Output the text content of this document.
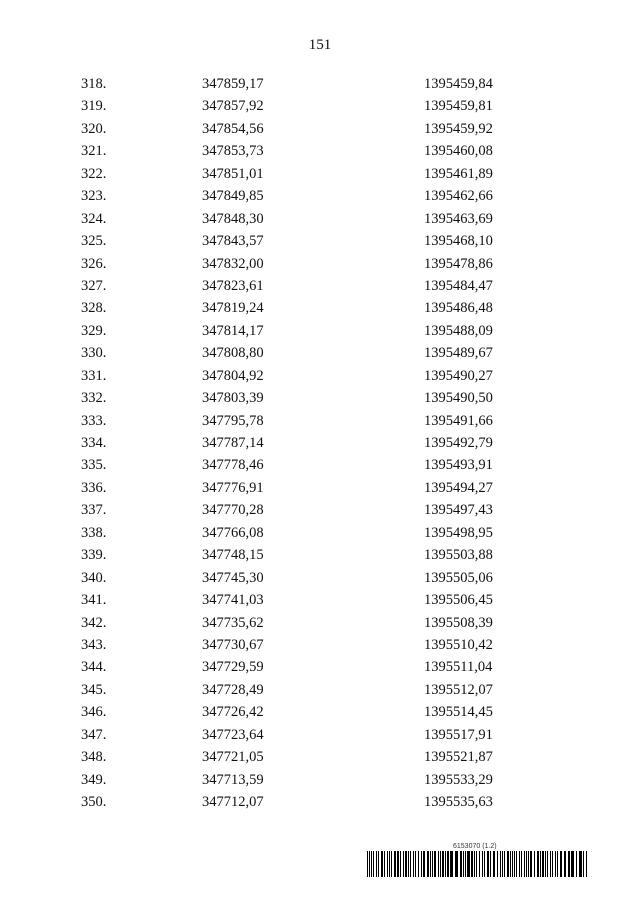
151
318.	347859,17	1395459,84
319.	347857,92	1395459,81
320.	347854,56	1395459,92
321.	347853,73	1395460,08
322.	347851,01	1395461,89
323.	347849,85	1395462,66
324.	347848,30	1395463,69
325.	347843,57	1395468,10
326.	347832,00	1395478,86
327.	347823,61	1395484,47
328.	347819,24	1395486,48
329.	347814,17	1395488,09
330.	347808,80	1395489,67
331.	347804,92	1395490,27
332.	347803,39	1395490,50
333.	347795,78	1395491,66
334.	347787,14	1395492,79
335.	347778,46	1395493,91
336.	347776,91	1395494,27
337.	347770,28	1395497,43
338.	347766,08	1395498,95
339.	347748,15	1395503,88
340.	347745,30	1395505,06
341.	347741,03	1395506,45
342.	347735,62	1395508,39
343.	347730,67	1395510,42
344.	347729,59	1395511,04
345.	347728,49	1395512,07
346.	347726,42	1395514,45
347.	347723,64	1395517,91
348.	347721,05	1395521,87
349.	347713,59	1395533,29
350.	347712,07	1395535,63
6153070 (1.2)
